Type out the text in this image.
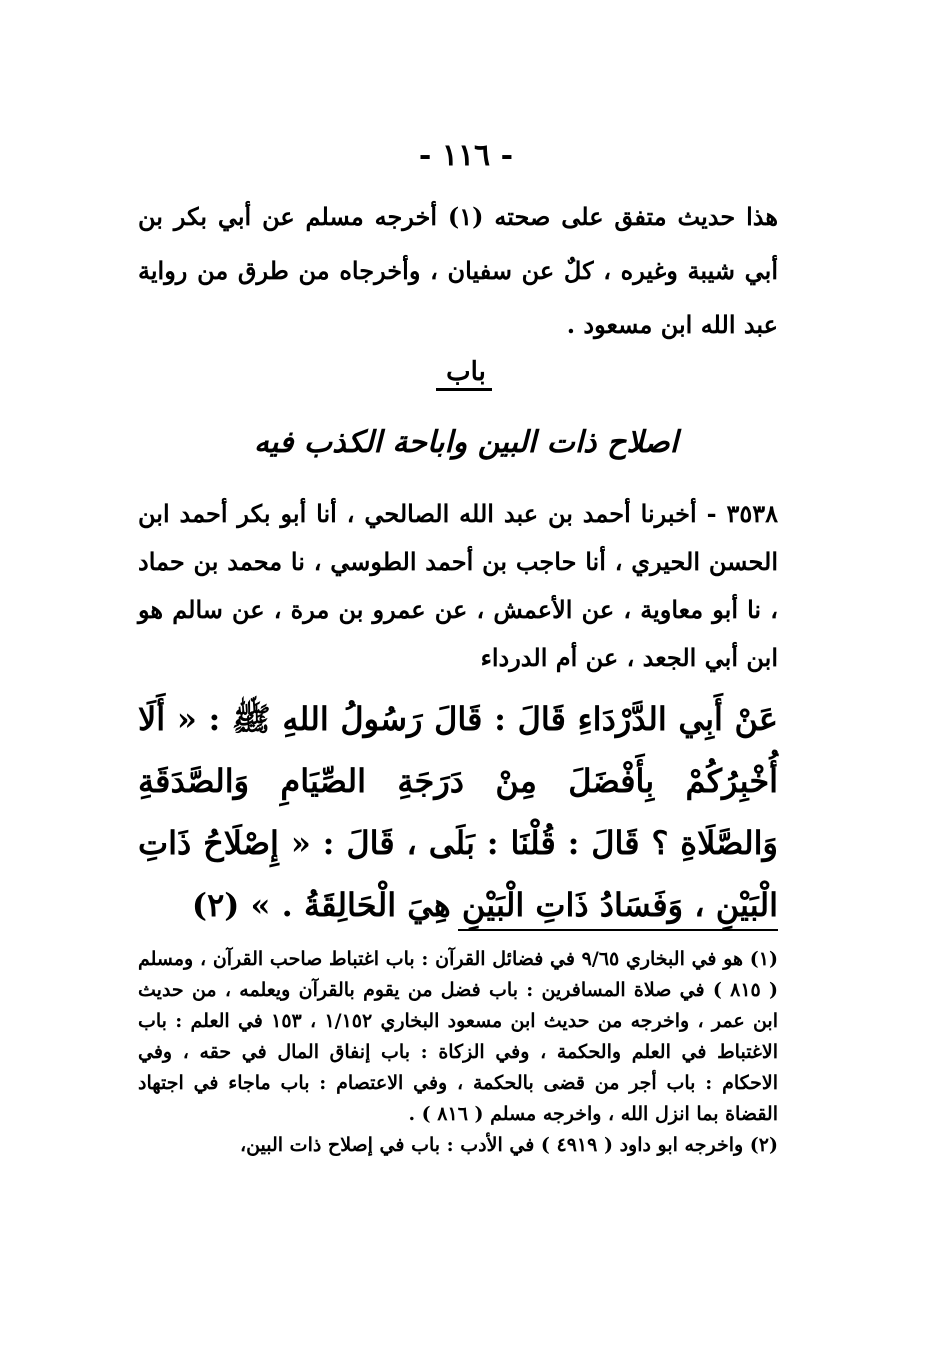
- ١١٦ -
هذا حديث متفق على صحته (١) أخرجه مسلم عن أبي بكر بن أبي شيبة وغيره ، كلٌ عن سفيان ، وأخرجاه من طرق من رواية عبد الله ابن مسعود .
باب
اصلاح ذات البين واباحة الكذب فيه
٣٥٣٨ - أخبرنا أحمد بن عبد الله الصالحي ، أنا أبو بكر أحمد ابن الحسن الحيري ، أنا حاجب بن أحمد الطوسي ، نا محمد بن حماد ، نا أبو معاوية ، عن الأعمش ، عن عمرو بن مرة ، عن سالم هو ابن أبي الجعد ، عن أم الدرداء
عَنْ أَبِي الدَّرْدَاءِ قَالَ : قَالَ رَسُولُ اللهِ ﷺ : « أَلَا أُخْبِرُكُمْ بِأَفْضَلَ مِنْ دَرَجَةِ الصِّيَامِ وَالصَّدَقَةِ وَالصَّلَاةِ ؟ قَالَ : قُلْنَا : بَلَى ، قَالَ : « إِصْلَاحُ ذَاتِ الْبَيْنِ ، وَفَسَادُ ذَاتِ الْبَيْنِ هِيَ الْحَالِقَةُ . » (٢)

(١) هو في البخاري ٩/٦٥ في فضائل القرآن : باب اغتباط صاحب القرآن ، ومسلم ( ٨١٥ ) في صلاة المسافرين : باب فضل من يقوم بالقرآن ويعلمه ، من حديث ابن عمر ، واخرجه من حديث ابن مسعود البخاري ١/١٥٢ ، ١٥٣ في العلم : باب الاغتباط في العلم والحكمة ، وفي الزكاة : باب إنفاق المال في حقه ، وفي الاحكام : باب أجر من قضى بالحكمة ، وفي الاعتصام : باب ماجاء في اجتهاد القضاة بما انزل الله ، واخرجه مسلم ( ٨١٦ ) .

(٢) واخرجه ابو داود ( ٤٩١٩ ) في الأدب : باب في إصلاح ذات البين،
